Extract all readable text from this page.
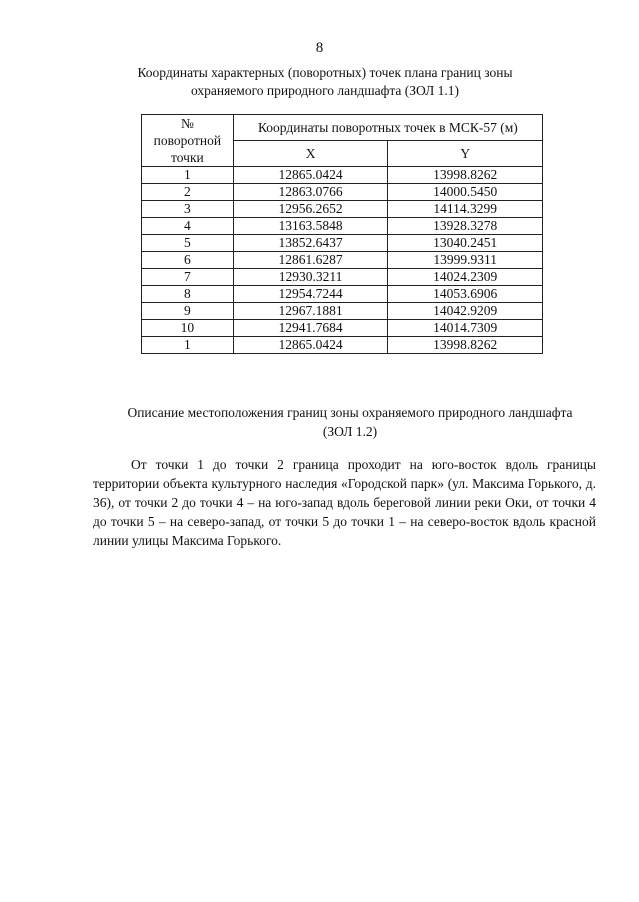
8
Координаты характерных (поворотных) точек плана границ зоны
охраняемого природного ландшафта (ЗОЛ 1.1)
№
поворотной
точки	Координаты поворотных точек в МСК-57 (м)	
	X	Y
1	12865.0424	13998.8262
2	12863.0766	14000.5450
3	12956.2652	14114.3299
4	13163.5848	13928.3278
5	13852.6437	13040.2451
6	12861.6287	13999.9311
7	12930.3211	14024.2309
8	12954.7244	14053.6906
9	12967.1881	14042.9209
10	12941.7684	14014.7309
1	12865.0424	13998.8262
Описание местоположения границ зоны охраняемого природного ландшафта
(ЗОЛ 1.2)

От точки 1 до точки 2 граница проходит на юго-восток вдоль границы территории объекта культурного наследия «Городской парк» (ул. Максима Горького, д. 36), от точки 2 до точки 4 – на юго-запад вдоль береговой линии реки Оки, от точки 4 до точки 5 – на северо-запад, от точки 5 до точки 1 – на северо-восток вдоль красной линии улицы Максима Горького.
